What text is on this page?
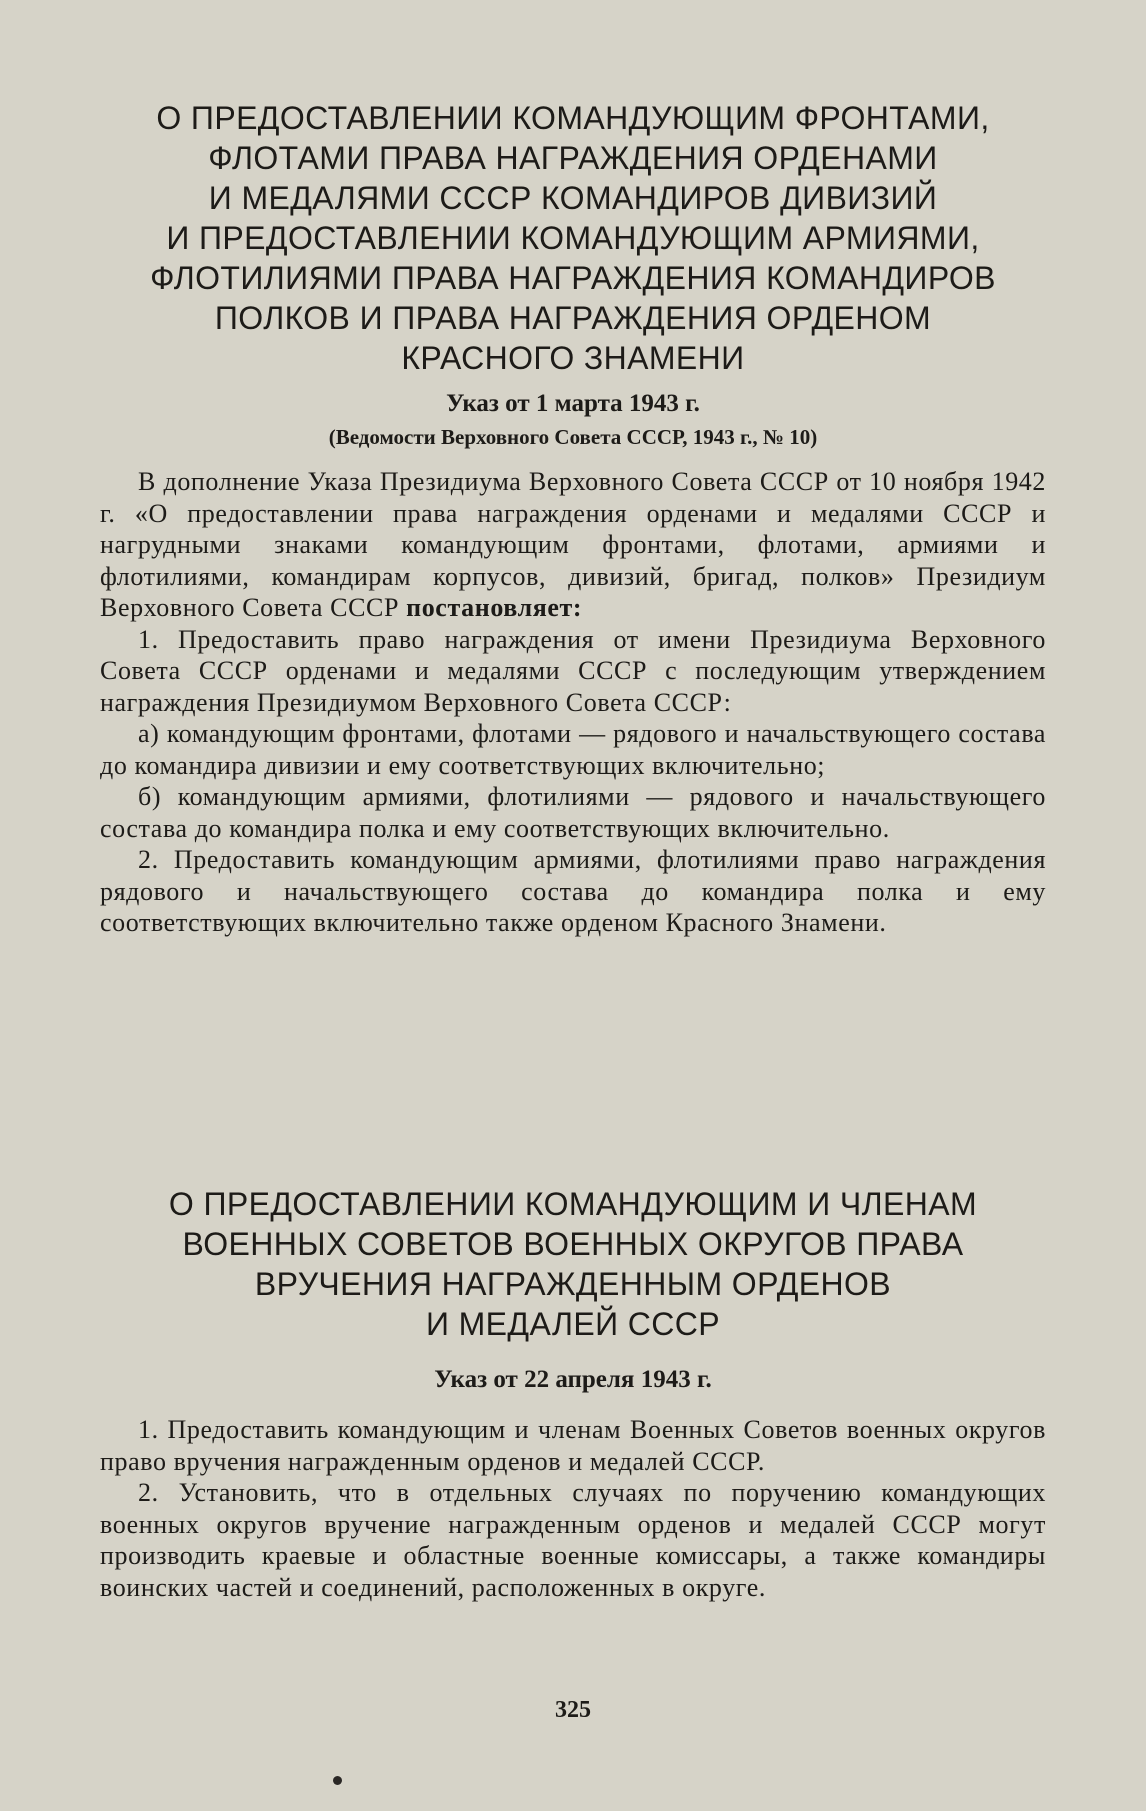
О ПРЕДОСТАВЛЕНИИ КОМАНДУЮЩИМ ФРОНТАМИ,
ФЛОТАМИ ПРАВА НАГРАЖДЕНИЯ ОРДЕНАМИ
И МЕДАЛЯМИ СССР КОМАНДИРОВ ДИВИЗИЙ
И ПРЕДОСТАВЛЕНИИ КОМАНДУЮЩИМ АРМИЯМИ,
ФЛОТИЛИЯМИ ПРАВА НАГРАЖДЕНИЯ КОМАНДИРОВ
ПОЛКОВ И ПРАВА НАГРАЖДЕНИЯ ОРДЕНОМ
КРАСНОГО ЗНАМЕНИ

Указ от 1 марта 1943 г.

(Ведомости Верховного Совета СССР, 1943 г., № 10)

В дополнение Указа Президиума Верховного Совета СССР от 10 ноября 1942 г. «О предоставлении права награждения орденами и медалями СССР и нагрудными знаками командующим фронтами, флотами, армиями и флотилиями, командирам корпусов, дивизий, бригад, полков» Президиум Верховного Совета СССР постановляет:

1. Предоставить право награждения от имени Президиума Верховного Совета СССР орденами и медалями СССР с последующим утверждением награждения Президиумом Верховного Совета СССР:

а) командующим фронтами, флотами — рядового и начальствующего состава до командира дивизии и ему соответствующих включительно;

б) командующим армиями, флотилиями — рядового и начальствующего состава до командира полка и ему соответствующих включительно.

2. Предоставить командующим армиями, флотилиями право награждения рядового и начальствующего состава до командира полка и ему соответствующих включительно также орденом Красного Знамени.

О ПРЕДОСТАВЛЕНИИ КОМАНДУЮЩИМ И ЧЛЕНАМ
ВОЕННЫХ СОВЕТОВ ВОЕННЫХ ОКРУГОВ ПРАВА
ВРУЧЕНИЯ НАГРАЖДЕННЫМ ОРДЕНОВ
И МЕДАЛЕЙ СССР

Указ от 22 апреля 1943 г.

1. Предоставить командующим и членам Военных Советов военных округов право вручения награжденным орденов и медалей СССР.

2. Установить, что в отдельных случаях по поручению командующих военных округов вручение награжденным орденов и медалей СССР могут производить краевые и областные военные комиссары, а также командиры воинских частей и соединений, расположенных в округе.

325
